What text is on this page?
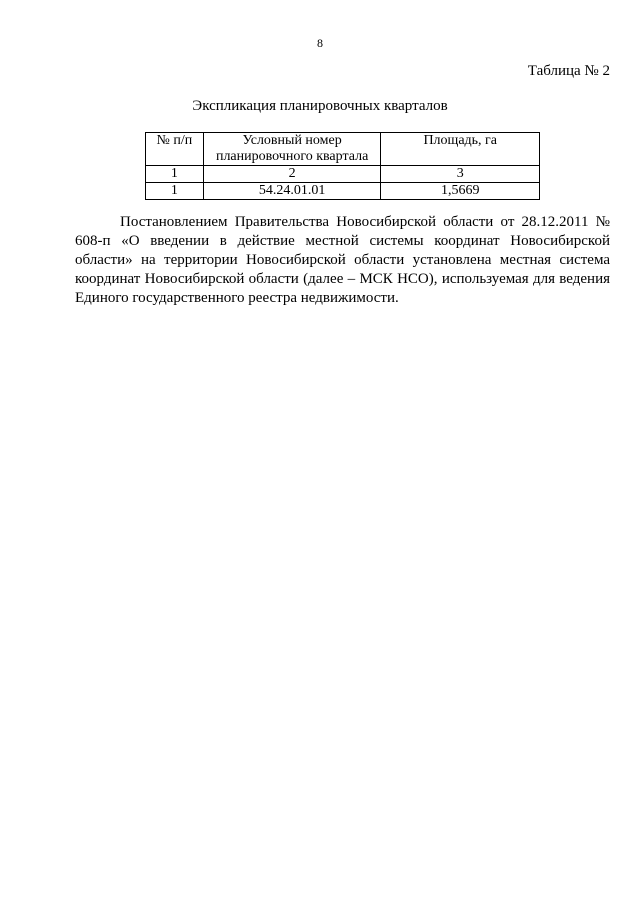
8
Таблица № 2
Экспликация планировочных кварталов
№ п/п	Условный номер планировочного квартала	Площадь, га
1	2	3
1	54.24.01.01	1,5669

Постановлением Правительства Новосибирской области от 28.12.2011 № 608-п «О введении в действие местной системы координат Новосибирской области» на территории Новосибирской области установлена местная система координат Новосибирской области (далее – МСК НСО), используемая для ведения Единого государственного реестра недвижимости.
